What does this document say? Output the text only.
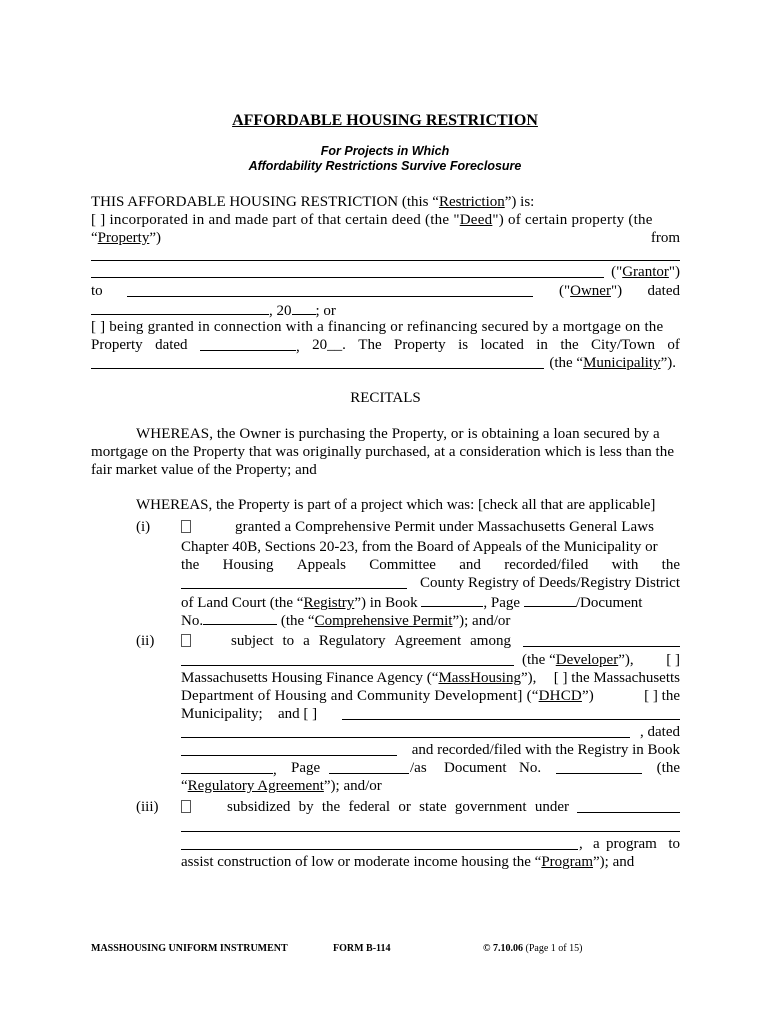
AFFORDABLE HOUSING RESTRICTION
For Projects in Which
Affordability Restrictions Survive Foreclosure
THIS AFFORDABLE HOUSING RESTRICTION (this “Restriction”) is:
[ ] incorporated in and made part of that certain deed (the "Deed") of certain property (the
“Property”)	from
("Grantor")
to	("Owner") dated
, 20 ; or
[ ] being granted in connection with a financing or refinancing secured by a mortgage on the
Property dated	, 20__. The Property is located in the City/Town of
(the “Municipality”).
RECITALS
WHEREAS, the Owner is purchasing the Property, or is obtaining a loan secured by a
mortgage on the Property that was originally purchased, at a consideration which is less than the
fair market value of the Property; and
WHEREAS, the Property is part of a project which was: [check all that are applicable]
(i)	granted a Comprehensive Permit under Massachusetts General Laws
Chapter 40B, Sections 20-23, from the Board of Appeals of the Municipality or
the Housing Appeals Committee and recorded/filed with the
County Registry of Deeds/Registry District
of Land Court (the “Registry”) in Book	, Page	/Document
No.	(the “Comprehensive Permit”); and/or
(ii)	subject to a Regulatory Agreement among
(the “Developer”), [ ]
Massachusetts Housing Finance Agency (“MassHousing”), [ ] the Massachusetts
Department of Housing and Community Development] (“DHCD”)	[ ] the
Municipality; and [ ]
, dated
and recorded/filed with the Registry in Book
, Page	/as Document No.	(the
“Regulatory Agreement”); and/or
(iii)	subsidized by the federal or state government under
, a program to
assist construction of low or moderate income housing the “Program”); and
MASSHOUSING UNIFORM INSTRUMENT	FORM B-114	© 7.10.06 (Page 1 of 15)
